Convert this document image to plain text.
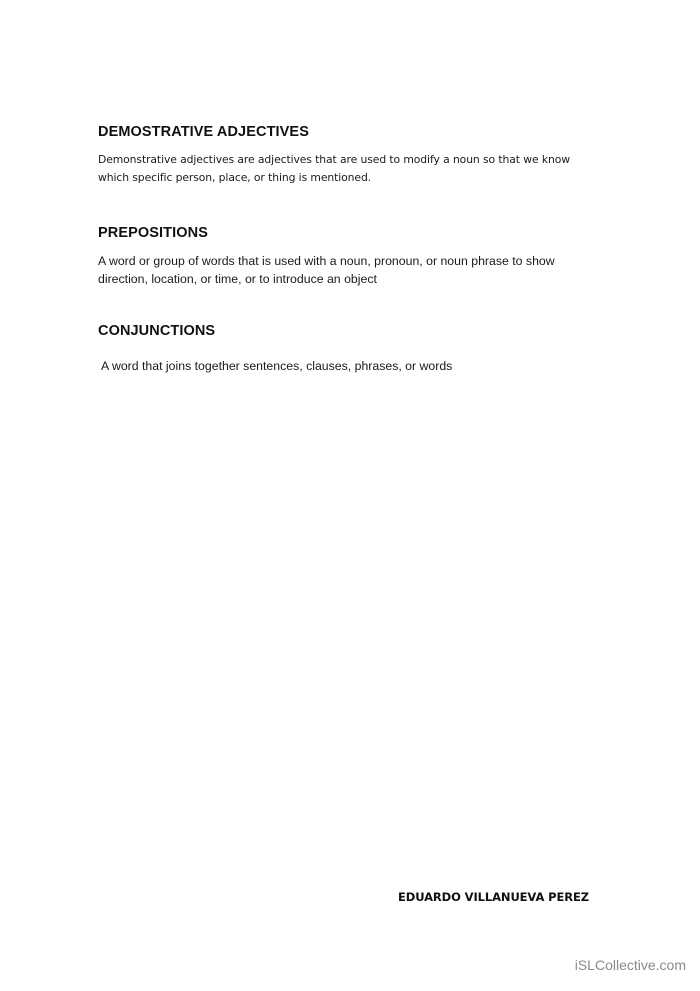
DEMOSTRATIVE ADJECTIVES

Demonstrative adjectives are adjectives that are used to modify a noun so that we know which specific person, place, or thing is mentioned.

PREPOSITIONS

A word or group of words that is used with a noun, pronoun, or noun phrase to show direction, location, or time, or to introduce an object

CONJUNCTIONS

A word that joins together sentences, clauses, phrases, or words

EDUARDO VILLANUEVA PEREZ
iSLCollective.com
